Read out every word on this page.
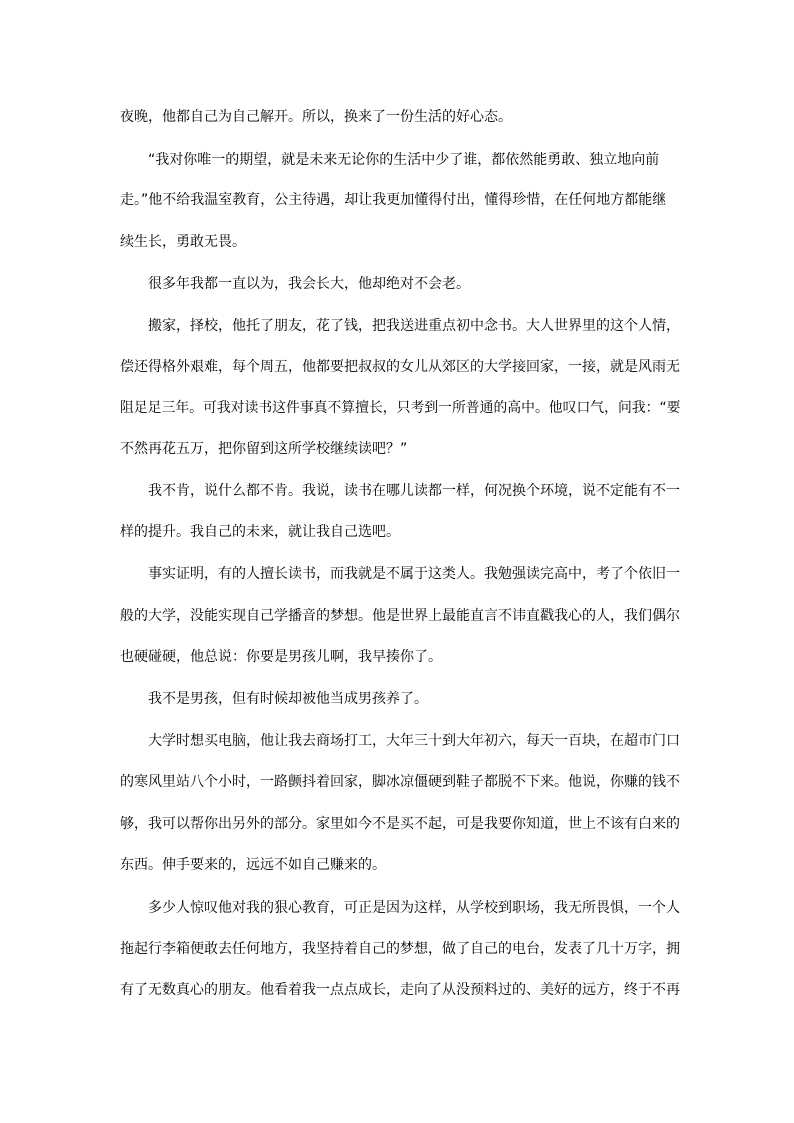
夜晚，他都自己为自己解开。所以，换来了一份生活的好心态。
“我对你唯一的期望，就是未来无论你的生活中少了谁，都依然能勇敢、独立地向前
走。”他不给我温室教育，公主待遇，却让我更加懂得付出，懂得珍惜，在任何地方都能继
续生长，勇敢无畏。
很多年我都一直以为，我会长大，他却绝对不会老。
搬家，择校，他托了朋友，花了钱，把我送进重点初中念书。大人世界里的这个人情，
偿还得格外艰难，每个周五，他都要把叔叔的女儿从郊区的大学接回家，一接，就是风雨无
阻足足三年。可我对读书这件事真不算擅长，只考到一所普通的高中。他叹口气，问我：“要
不然再花五万，把你留到这所学校继续读吧？”
我不肯，说什么都不肯。我说，读书在哪儿读都一样，何况换个环境，说不定能有不一
样的提升。我自己的未来，就让我自己选吧。
事实证明，有的人擅长读书，而我就是不属于这类人。我勉强读完高中，考了个依旧一
般的大学，没能实现自己学播音的梦想。他是世界上最能直言不讳直戳我心的人，我们偶尔
也硬碰硬，他总说：你要是男孩儿啊，我早揍你了。
我不是男孩，但有时候却被他当成男孩养了。
大学时想买电脑，他让我去商场打工，大年三十到大年初六，每天一百块，在超市门口
的寒风里站八个小时，一路颤抖着回家，脚冰凉僵硬到鞋子都脱不下来。他说，你赚的钱不
够，我可以帮你出另外的部分。家里如今不是买不起，可是我要你知道，世上不该有白来的
东西。伸手要来的，远远不如自己赚来的。
多少人惊叹他对我的狠心教育，可正是因为这样，从学校到职场，我无所畏惧，一个人
拖起行李箱便敢去任何地方，我坚持着自己的梦想，做了自己的电台，发表了几十万字，拥
有了无数真心的朋友。他看着我一点点成长，走向了从没预料过的、美好的远方，终于不再
